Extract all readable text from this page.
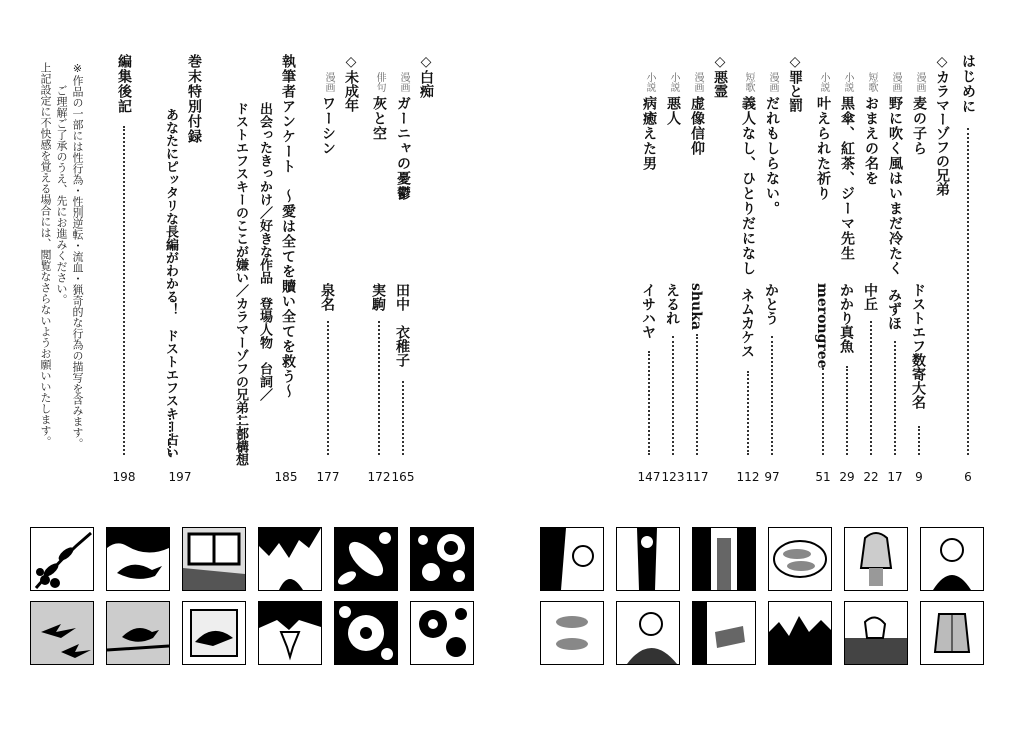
※作品の一部には性行為・性別逆転・流血・猟奇的な行為の描写を含みます。
　ご理解ご了承のうえ、先にお進みください。
上記設定に不快感を覚える場合には、閲覧なさらないようお願いいたします。	はじめに
6
◇カラマーゾフの兄弟
漫画麦の子ら
ドストエフ数寄大名
9
漫画野に吹く風はいまだ冷たく
みずほ
17
短歌おまえの名を
中丘
22
小説黒傘、紅茶、ジーマ先生
かかり真魚
29
小説叶えられた祈り
merongree
51
◇罪と罰
漫画だれもしらない。
かとう
97
短歌義人なし、ひとりだになし
ネムカケス
112
◇悪霊
漫画虚像信仰
shuka
117
小説悪人
えるれ
123
小説病癒えた男
イサハヤ
147
◇白痴
漫画ガーニャの憂鬱
田中　衣稚子
165
俳句灰と空
実駒
172
◇未成年
漫画ワーシン
泉名
177
執筆者アンケート　～愛は全てを贖い全てを救う～
出会ったきっかけ／好きな作品　登場人物　台詞／
ドストエフスキーのここが嫌い／カラマーゾフの兄弟二部構想
185
巻末特別付録
あなたにピッタリな長編がわかる！　ドストエフスキー占い
197
編集後記
198
